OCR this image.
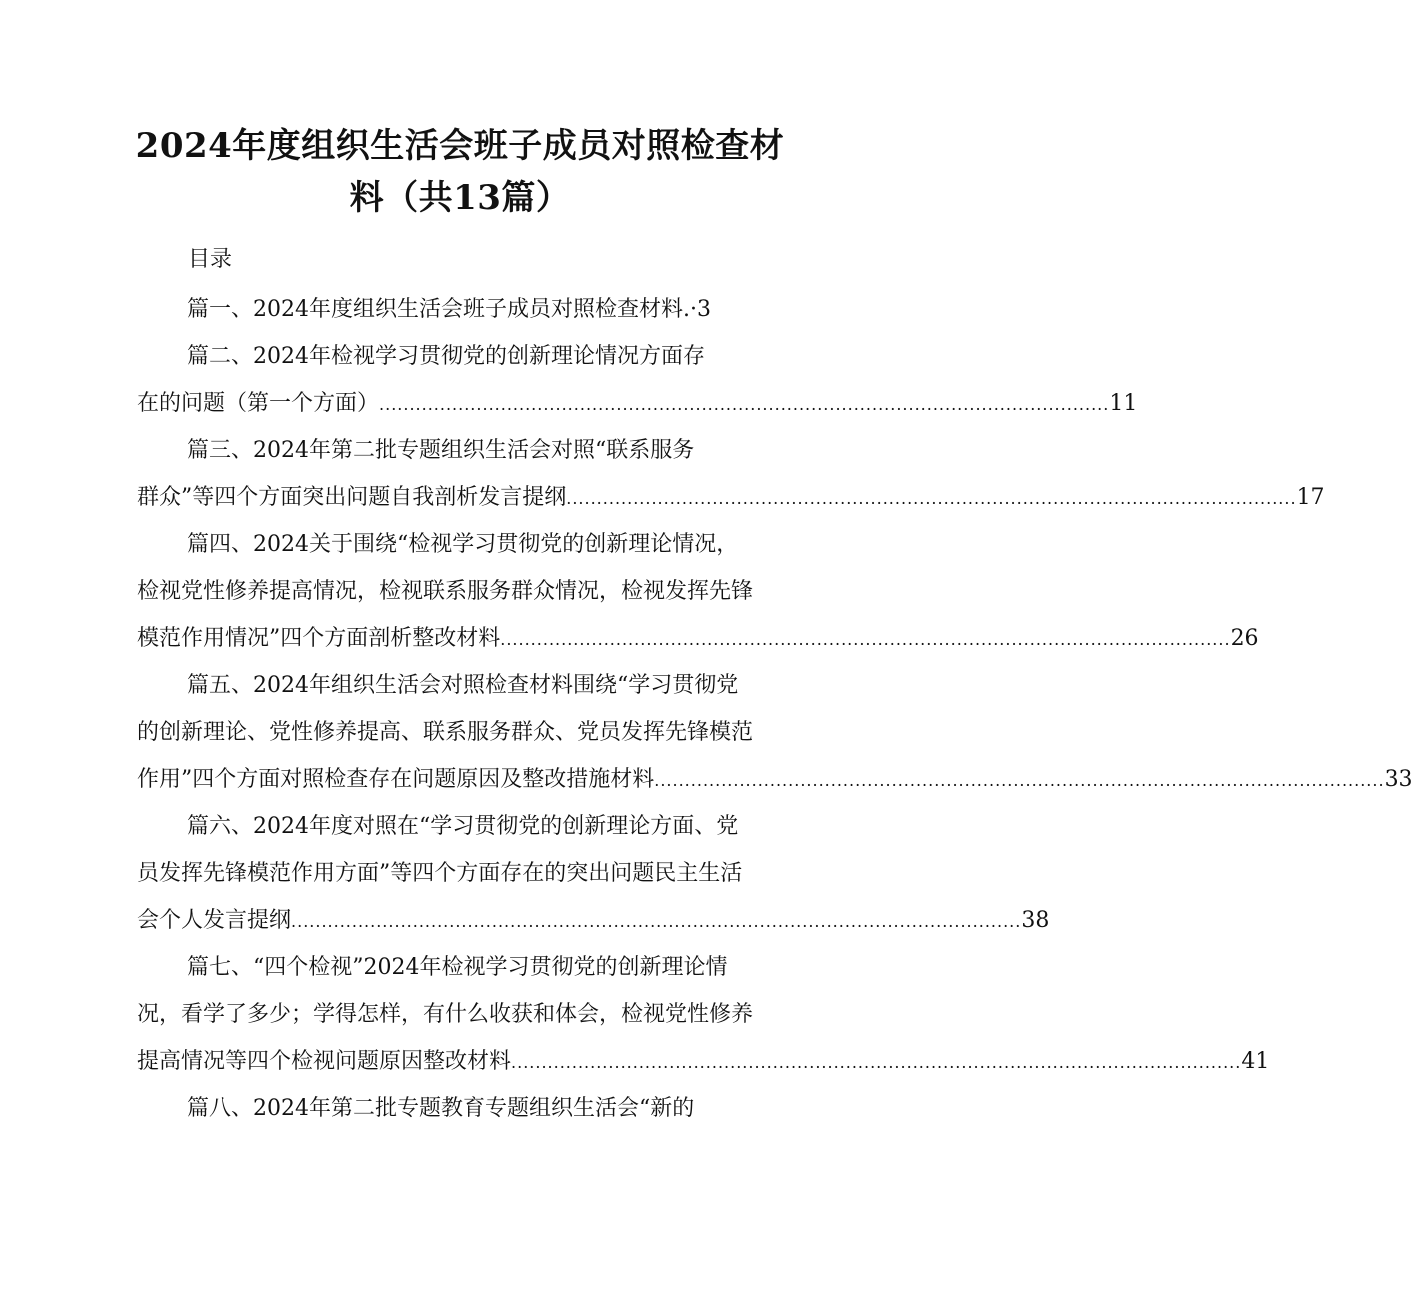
2024年度组织生活会班子成员对照检查材
料（共13篇）
目录
篇一、2024年度组织生活会班子成员对照检查材料.· 3
篇二、2024年检视学习贯彻党的创新理论情况方面存
在的问题（第一个方面） ........................................................................................................................ 11
篇三、2024年第二批专题组织生活会对照“联系服务
群众”等四个方面突出问题自我剖析发言提纲 ........................................................................................................................ 17
篇四、2024关于围绕“检视学习贯彻党的创新理论情况，
检视党性修养提高情况，检视联系服务群众情况，检视发挥先锋
模范作用情况”四个方面剖析整改材料 ........................................................................................................................ 26
篇五、2024年组织生活会对照检查材料围绕“学习贯彻党
的创新理论、党性修养提高、联系服务群众、党员发挥先锋模范
作用”四个方面对照检查存在问题原因及整改措施材料 ........................................................................................................................ 33
篇六、2024年度对照在“学习贯彻党的创新理论方面、党
员发挥先锋模范作用方面”等四个方面存在的突出问题民主生活
会个人发言提纲 ........................................................................................................................ 38
篇七、“四个检视”2024年检视学习贯彻党的创新理论情
况，看学了多少；学得怎样，有什么收获和体会，检视党性修养
提高情况等四个检视问题原因整改材料 ........................................................................................................................ 41
篇八、2024年第二批专题教育专题组织生活会“新的
